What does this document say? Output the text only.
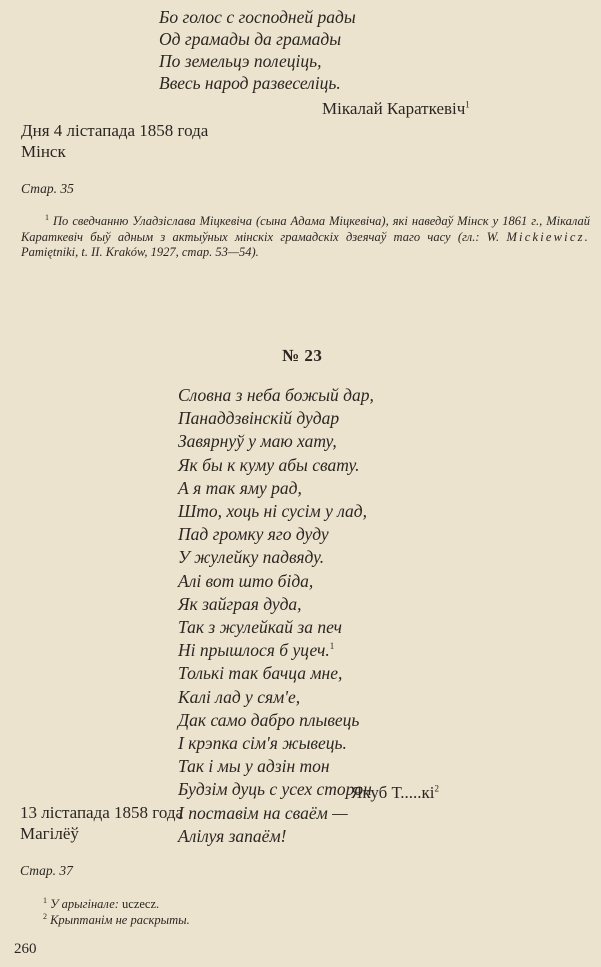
Бо голос с господней рады
Од грамады да грамады
По земельцэ полеціць,
Ввесь народ развеселіць.
Мікалай Караткевіч$^1$
Дня 4 лістапада 1858 года
Мінск
Стар. 35
$^1$ По сведчанню Уладзіслава Міцкевіча (сына Адама Міцкевіча), які наведаў Мінск у 1861 г., Мікалай Караткевіч быў адным з актыўных мінскіх грамадскіх дзеячаў таго часу (гл.: W. Mickiewicz. Pamiętniki, t. II. Kraków, 1927, стар. 53—54).
№ 23
Словна з неба божый дар,
Панаддзвінскій дудар
Завярнуў у маю хату,
Як бы к куму абы свату.
А я так яму рад,
Што, хоць ні сусім у лад,
Пад громку яго дуду
У жулейку падвяду.
Алі вот што біда,
Як зайграя дуда,
Так з жулейкай за печ
Ні прышлося б уцеч.$^1$
Толькі так бачца мне,
Калі лад у сям'е,
Дак само дабро плывець
І крэпка сім'я жывець.
Так і мы у адзін тон
Будзім дуць с усех сторон
І поставім на сваём —
Алілуя запаём!
Якуб $Т.....кі^2$
13 лістапада 1858 года
Магілёў
Стар. 37
$^1$ У арыгінале: uczecz.
$^2$ Крыптанім не раскрыты.
260
